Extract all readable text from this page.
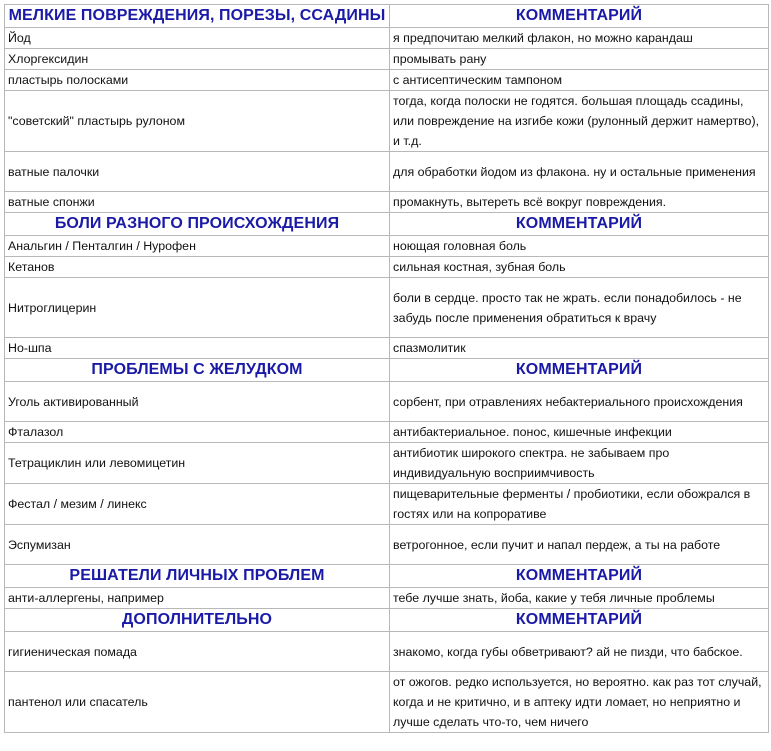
МЕЛКИЕ ПОВРЕЖДЕНИЯ, ПОРЕЗЫ, ССАДИНЫ	КОММЕНТАРИЙ
Йод	я предпочитаю мелкий флакон, но можно карандаш
Хлоргексидин	промывать рану
пластырь полосками	с антисептическим тампоном
"советский" пластырь рулоном	тогда, когда полоски не годятся. большая площадь ссадины, или повреждение на изгибе кожи (рулонный держит намертво), и т.д.
ватные палочки	для обработки йодом из флакона. ну и остальные применения
ватные спонжи	промакнуть, вытереть всё вокруг повреждения.
БОЛИ РАЗНОГО ПРОИСХОЖДЕНИЯ	КОММЕНТАРИЙ
Анальгин / Пенталгин / Нурофен	ноющая головная боль
Кетанов	сильная костная, зубная боль
Нитроглицерин	боли в сердце. просто так не жрать. если понадобилось - не забудь после применения обратиться к врачу
Но-шпа	спазмолитик
ПРОБЛЕМЫ С ЖЕЛУДКОМ	КОММЕНТАРИЙ
Уголь активированный	сорбент, при отравлениях небактериального происхождения
Фталазол	антибактериальное. понос, кишечные инфекции
Тетрациклин или левомицетин	антибиотик широкого спектра. не забываем про индивидуальную восприимчивость
Фестал / мезим / линекс	пищеварительные ферменты / пробиотики, если обожрался в гостях или на копроративе
Эспумизан	ветрогонное, если пучит и напал пердеж, а ты на работе
РЕШАТЕЛИ ЛИЧНЫХ ПРОБЛЕМ	КОММЕНТАРИЙ
анти-аллергены, например	тебе лучше знать, йоба, какие у тебя личные проблемы
ДОПОЛНИТЕЛЬНО	КОММЕНТАРИЙ
гигиеническая помада	знакомо, когда губы обветривают? ай не пизди, что бабское.
пантенол или спасатель	от ожогов. редко используется, но вероятно. как раз тот случай, когда и не критично, и в аптеку идти ломает, но неприятно и лучше сделать что-то, чем ничего
